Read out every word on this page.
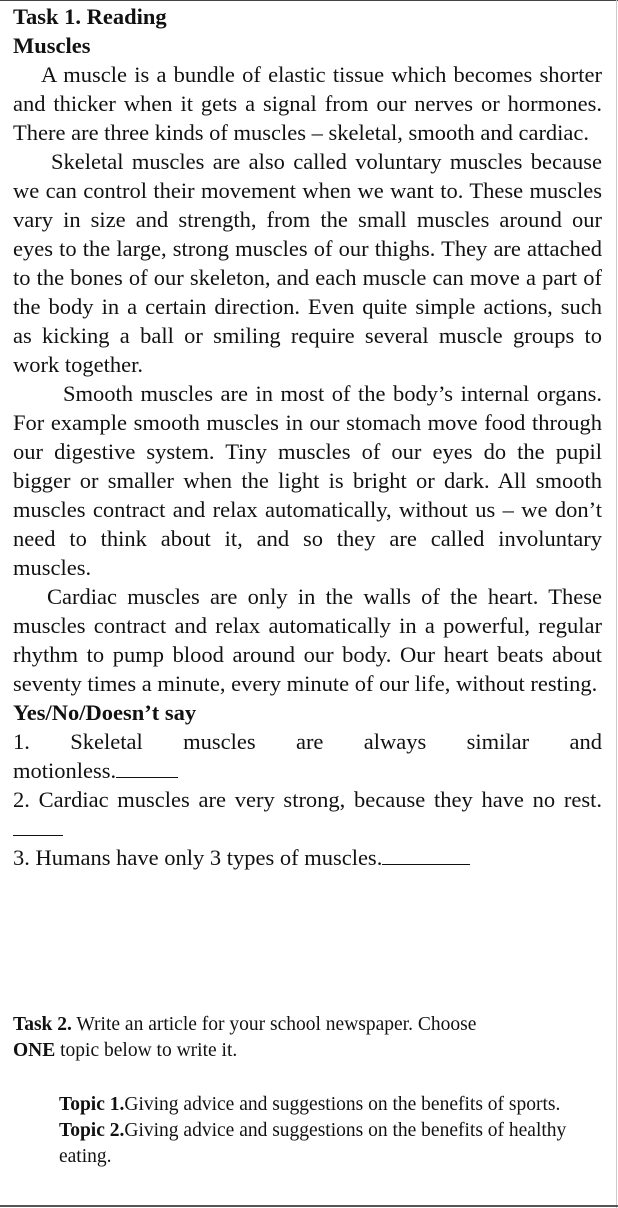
Task 1. Reading
Muscles

A muscle is a bundle of elastic tissue which becomes shorter and thicker when it gets a signal from our nerves or hormones. There are three kinds of muscles – skeletal, smooth and cardiac.

Skeletal muscles are also called voluntary muscles because we can control their movement when we want to. These muscles vary in size and strength, from the small muscles around our eyes to the large, strong muscles of our thighs. They are attached to the bones of our skeleton, and each muscle can move a part of the body in a certain direction. Even quite simple actions, such as kicking a ball or smiling require several muscle groups to work together.

Smooth muscles are in most of the body’s internal organs. For example smooth muscles in our stomach move food through our digestive system. Tiny muscles of our eyes do the pupil bigger or smaller when the light is bright or dark. All smooth muscles contract and relax automatically, without us – we don’t need to think about it, and so they are called involuntary muscles.

Cardiac muscles are only in the walls of the heart. These muscles contract and relax automatically in a powerful, regular rhythm to pump blood around our body. Our heart beats about seventy times a minute, every minute of our life, without resting.

Yes/No/Doesn’t say

1. Skeletal muscles are always similar and

motionless.

2. Cardiac muscles are very strong, because they have no rest.

3. Humans have only 3 types of muscles.

Task 2. Write an article for your school newspaper. Choose
ONE topic below to write it.

Topic 1.Giving advice and suggestions on the benefits of sports.

Topic 2.Giving advice and suggestions on the benefits of healthy eating.
